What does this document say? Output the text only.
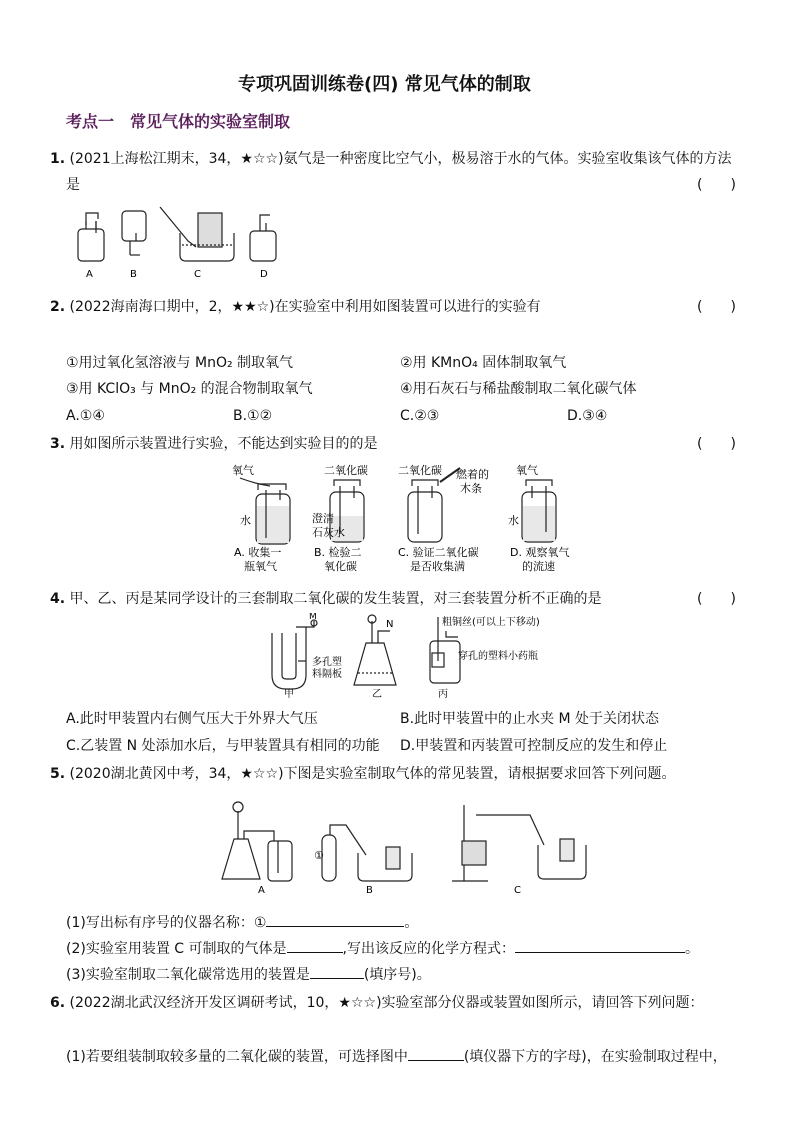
专项巩固训练卷(四) 常见气体的制取
考点一　常见气体的实验室制取
1. (2021上海松江期末，34，★☆☆)氨气是一种密度比空气小，极易溶于水的气体。实验室收集该气体的方法
是	(　　)
A	B	C	D
2. (2022海南海口期中，2，★★☆)在实验室中利用如图装置可以进行的实验有	(　　)
①用过氧化氢溶液与 MnO₂ 制取氧气	②用 KMnO₄ 固体制取氧气
③用 KClO₃ 与 MnO₂ 的混合物制取氧气	④用石灰石与稀盐酸制取二氧化碳气体
A.①④	B.①②	C.②③	D.③④
3. 用如图所示装置进行实验，不能达到实验目的的是	(　　)
氧气	二氧化碳	二氧化碳	氧气
水	水
澄清
石灰水
燃着的
木条
A. 收集一
瓶氧气
B. 检验二
氧化碳
C. 验证二氧化碳
是否收集满
D. 观察氧气
的流速
4. 甲、乙、丙是某同学设计的三套制取二氧化碳的发生装置，对三套装置分析不正确的是	(　　)
M
N
多孔塑
料隔板
粗铜丝(可以上下移动)
穿孔的塑料小药瓶
甲	乙	丙
A.此时甲装置内右侧气压大于外界大气压	B.此时甲装置中的止水夹 M 处于关闭状态
C.乙装置 N 处添加水后，与甲装置具有相同的功能 D.甲装置和丙装置可控制反应的发生和停止
5. (2020湖北黄冈中考，34，★☆☆)下图是实验室制取气体的常见装置，请根据要求回答下列问题。
①
A	B	C
(1)写出标有序号的仪器名称：①	。
(2)实验室用装置 C 可制取的气体是	,写出该反应的化学方程式：	。
(3)实验室制取二氧化碳常选用的装置是	(填序号)。
6. (2022湖北武汉经济开发区调研考试，10，★☆☆)实验室部分仪器或装置如图所示，请回答下列问题：
(1)若要组装制取较多量的二氧化碳的装置，可选择图中	(填仪器下方的字母)，在实验制取过程中，
